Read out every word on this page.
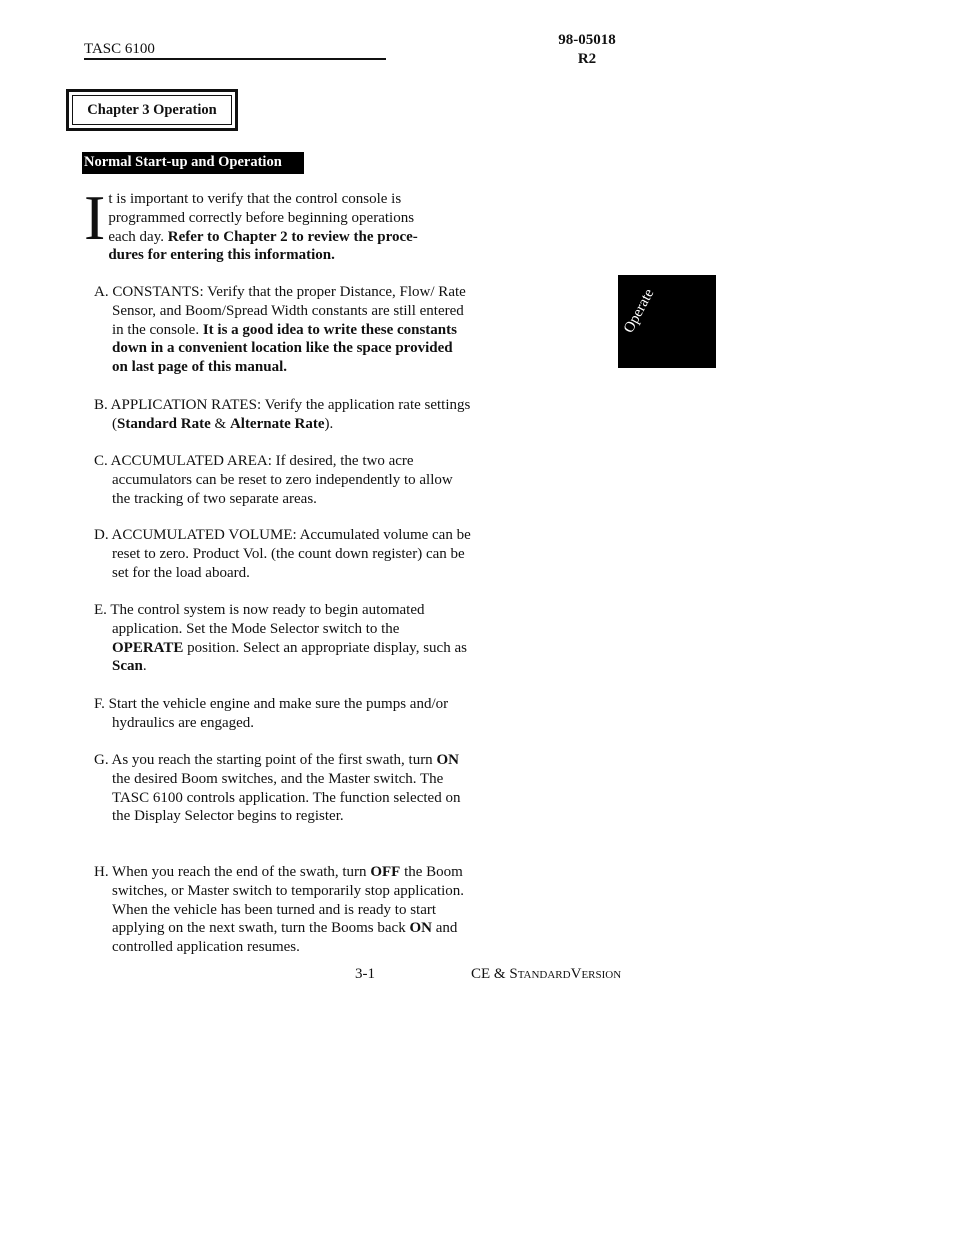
TASC 6100
98-05018
R2
Chapter 3 Operation
Normal Start-up and Operation
I t is important to verify that the control console is
programmed correctly before beginning operations
each day. Refer to Chapter 2 to review the proce-
dures for entering this information.
A. CONSTANTS: Verify that the proper Distance, Flow/ Rate Sensor, and Boom/Spread Width constants are still entered in the console. It is a good idea to write these constants down in a convenient location like the space provided on last page of this manual.
B. APPLICATION RATES: Verify the application rate settings (Standard Rate & Alternate Rate).
C. ACCUMULATED AREA: If desired, the two acre accumulators can be reset to zero independently to allow the tracking of two separate areas.
D. ACCUMULATED VOLUME: Accumulated volume can be reset to zero. Product Vol. (the count down register) can be set for the load aboard.
E. The control system is now ready to begin automated application. Set the Mode Selector switch to the OPERATE position. Select an appropriate display, such as Scan.
F. Start the vehicle engine and make sure the pumps and/or hydraulics are engaged.
G. As you reach the starting point of the first swath, turn ON the desired Boom switches, and the Master switch. The TASC 6100 controls application. The function selected on the Display Selector begins to register.
H. When you reach the end of the swath, turn OFF the Boom switches, or Master switch to temporarily stop application. When the vehicle has been turned and is ready to start applying on the next swath, turn the Booms back ON and controlled application resumes.
Operate
3-1	CE & STANDARDVERSION
